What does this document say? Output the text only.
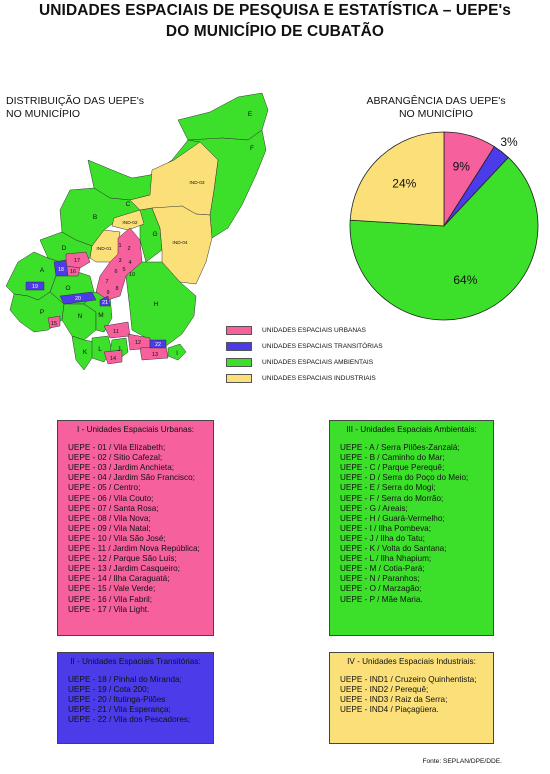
UNIDADES ESPACIAIS DE PESQUISA E ESTATÍSTICA – UEPE's
DO MUNICÍPIO DE CUBATÃO
DISTRIBUIÇÃO DAS UEPE's
NO MUNICÍPIO
ABRANGÊNCIA DAS UEPE's
NO MUNICÍPIO
E
F
C
B
G
D
A
H
O
P
N M
K L J
I
IND-03
IND-02
IND-04
IND-01
17
16
1 2
3 4
5
6
7
8
9
10
15
11
12
13
14
18
19
20
21
22
9%
3%
64%
24%
UNIDADES ESPACIAIS URBANAS
UNIDADES ESPACIAIS TRANSITÓRIAS
UNIDADES ESPACIAIS AMBIENTAIS
UNIDADES ESPACIAIS INDUSTRIAIS
I - Unidades Espaciais Urbanas:
UEPE - 01 / Vila Elizabeth;
UEPE - 02 / Sítio Cafezal;
UEPE - 03 / Jardim Anchieta;
UEPE - 04 / Jardim São Francisco;
UEPE - 05 / Centro;
UEPE - 06 / Vila Couto;
UEPE - 07 / Santa Rosa;
UEPE - 08 / Vila Nova;
UEPE - 09 / Vila Natal;
UEPE - 10 / Vila São José;
UEPE - 11 / Jardim Nova República;
UEPE - 12 / Parque São Luís;
UEPE - 13 / Jardim Casqueiro;
UEPE - 14 / Ilha Caraguatá;
UEPE - 15 / Vale Verde;
UEPE - 16 / Vila Fabril;
UEPE - 17 / Vila Light.
III - Unidades Espaciais Ambientais:
UEPE - A / Serra Pilões-Zanzalá;
UEPE - B / Caminho do Mar;
UEPE - C / Parque Perequê;
UEPE - D / Serra do Poço do Meio;
UEPE - E / Serra do Mogi;
UEPE - F / Serra do Morrão;
UEPE - G / Areais;
UEPE - H / Guará-Vermelho;
UEPE - I / Ilha Pombeva;
UEPE - J / Ilha do Tatu;
UEPE - K / Volta do Santana;
UEPE - L / Ilha Nhapium;
UEPE - M / Cotia-Pará;
UEPE - N / Paranhos;
UEPE - O / Marzagão;
UEPE - P / Mãe Maria.
II - Unidades Espaciais Transitórias:
UEPE - 18 / Pinhal do Miranda;
UEPE - 19 / Cota 200;
UEPE - 20 / Itutinga-Pilões
UEPE - 21 / Vila Esperança;
UEPE - 22 / Vila dos Pescadores;
IV - Unidades Espaciais Industriais:
UEPE - IND1 / Cruzeiro Quinhentista;
UEPE - IND2 / Perequê;
UEPE - IND3 / Raiz da Serra;
UEPE - IND4 / Piaçagüera.
Fonte: SEPLAN/DPE/DDE.
